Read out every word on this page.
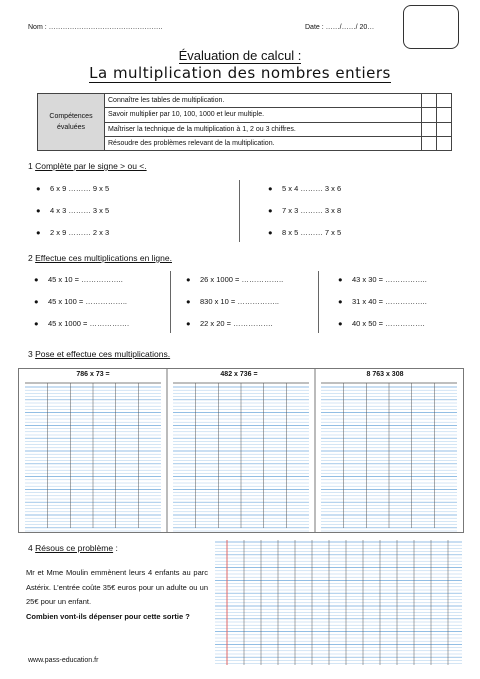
Nom : ………………………………………….	Date : ……/……/ 20…
Évaluation de calcul :
La multiplication des nombres entiers
Compétences
évaluées	Connaître les tables de multiplication.		
	Savoir multiplier par 10, 100, 1000 et leur multiple.		
	Maîtriser la technique de la multiplication à 1, 2 ou 3 chiffres.		
	Résoudre des problèmes relevant de la multiplication.		
1 Complète par le signe > ou <.
● 6 x 9 ……… 9 x 5
● 4 x 3 ……… 3 x 5
● 2 x 9 ……… 2 x 3
● 5 x 4 ……… 3 x 6
● 7 x 3 ……… 3 x 8
● 8 x 5 ……… 7 x 5
2 Effectue ces multiplications en ligne.
● 45 x 10 = ……………..
● 45 x 100 = ……………..
● 45 x 1000 = …………….
● 26 x 1000 = ……………..
● 830 x 10 = ……………..
● 22 x 20 = …………….
● 43 x 30 = ……………..
● 31 x 40 = ……………..
● 40 x 50 = …………….
3 Pose et effectue ces multiplications.
786 x 73 =	482 x 736 =	8 763 x 308
4 Résous ce problème :
Mr et Mme Moulin emmènent leurs 4 enfants au parc Astérix. L’entrée coûte 35€ euros pour un adulte ou un 25€ pour un enfant.
Combien vont-ils dépenser pour cette sortie ?
www.pass-education.fr
